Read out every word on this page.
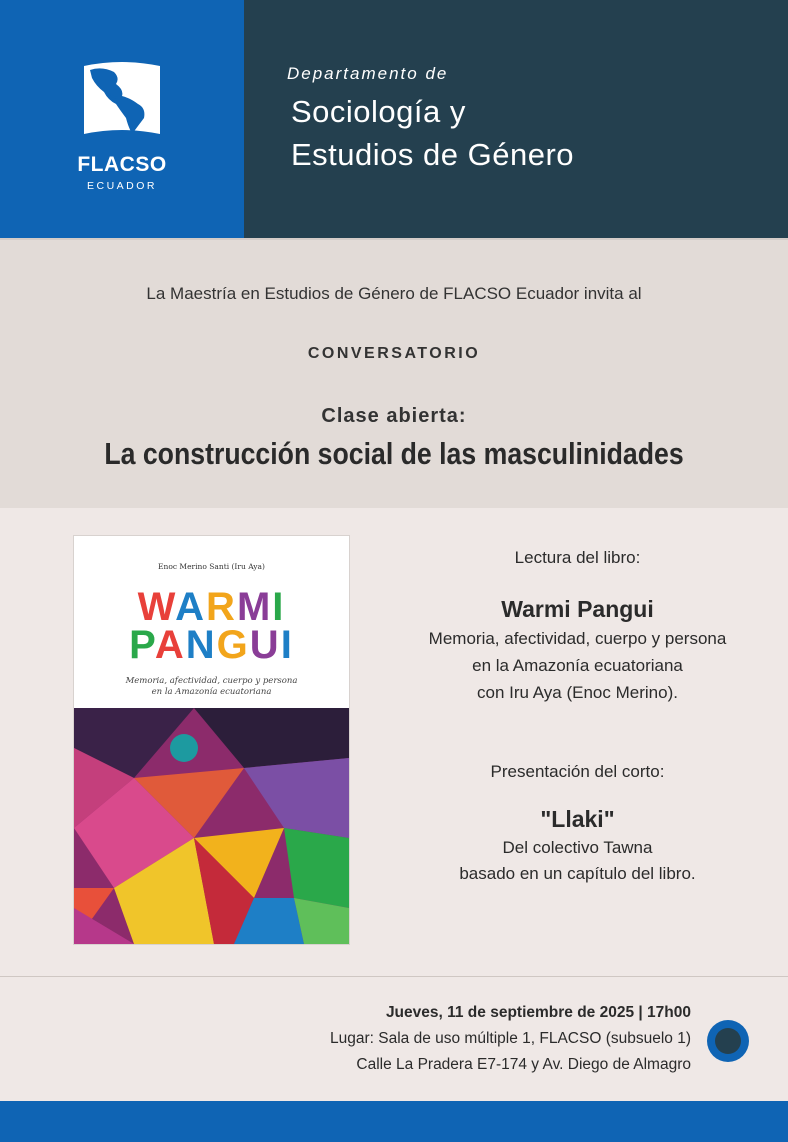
FLACSO
ECUADOR
Departamento de
Sociología y
Estudios de Género
La Maestría en Estudios de Género de FLACSO Ecuador invita al
CONVERSATORIO
Clase abierta:
La construcción social de las masculinidades
Enoc Merino Santi (Iru Aya)
WARMI
PANGUI
Memoria, afectividad, cuerpo y persona
en la Amazonía ecuatoriana
Lectura del libro:
Warmi Pangui
Memoria, afectividad, cuerpo y persona
en la Amazonía ecuatoriana
con Iru Aya (Enoc Merino).
Presentación del corto:
"Llaki"
Del colectivo Tawna
basado en un capítulo del libro.
Jueves, 11 de septiembre de 2025 | 17h00
Lugar: Sala de uso múltiple 1, FLACSO (subsuelo 1)
Calle La Pradera E7-174 y Av. Diego de Almagro
